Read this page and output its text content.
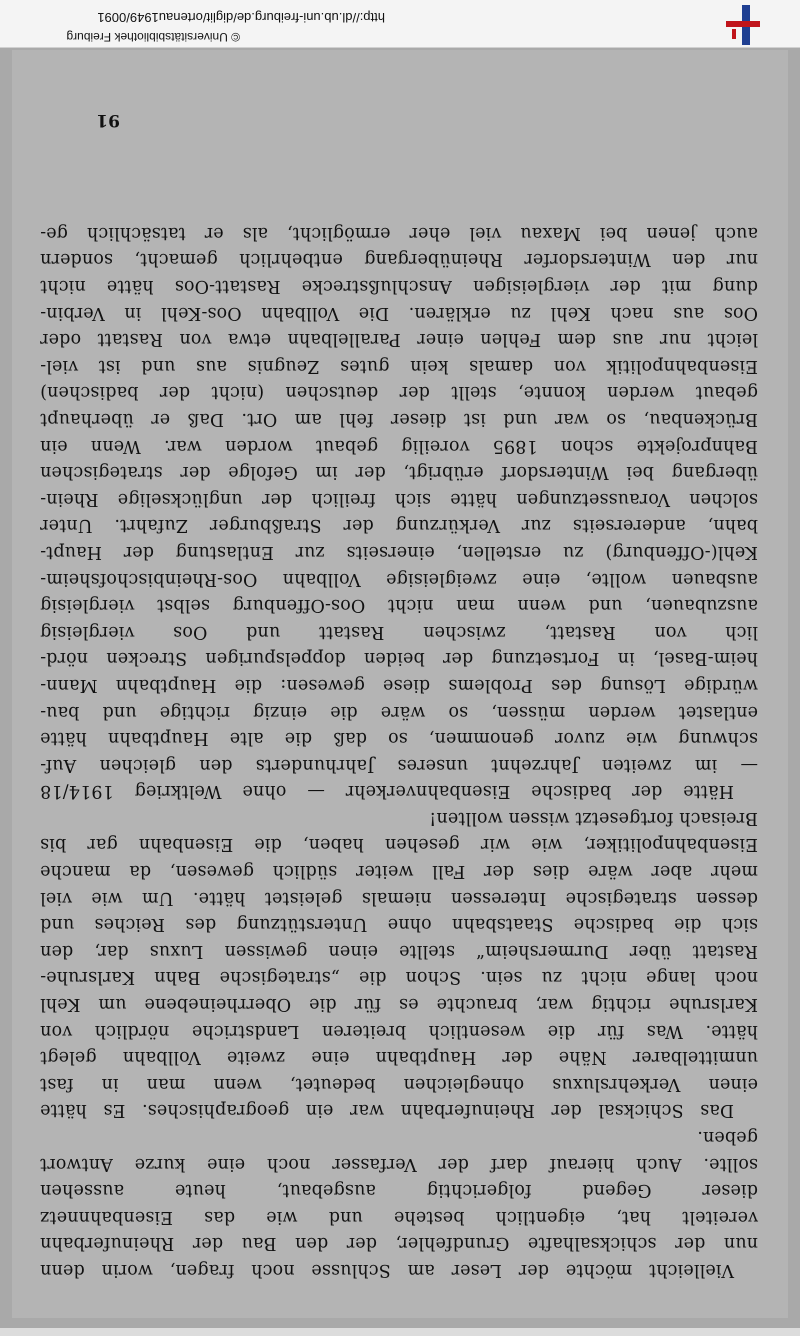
Vielleicht möchte der Leser am Schlusse noch fragen, worin denn
nun der schicksalhafte Grundfehler, der den Bau der Rheinuferbahn
vereitelt hat, eigentlich bestehe und wie das Eisenbahnnetz
dieser Gegend folgerichtig ausgebaut, heute aussehen
sollte. Auch hierauf darf der Verfasser noch eine kurze Antwort
geben.
Das Schicksal der Rheinuferbahn war ein geographisches. Es hätte
einen Verkehrsluxus ohnegleichen bedeutet, wenn man in fast
unmittelbarer Nähe der Hauptbahn eine zweite Vollbahn gelegt
hätte. Was für die wesentlich breiteren Landstriche nördlich von
Karlsruhe richtig war, brauchte es für die Oberrheinebene um Kehl
noch lange nicht zu sein. Schon die „strategische Bahn Karlsruhe-
Rastatt über Durmersheim“ stellte einen gewissen Luxus dar, den
sich die badische Staatsbahn ohne Unterstützung des Reiches und
dessen strategische Interessen niemals geleistet hätte. Um wie viel
mehr aber wäre dies der Fall weiter südlich gewesen, da manche
Eisenbahnpolitiker, wie wir gesehen haben, die Eisenbahn gar bis
Breisach fortgesetzt wissen wollten!
Hätte der badische Eisenbahnverkehr — ohne Weltkrieg 1914/18
— im zweiten Jahrzehnt unseres Jahrhunderts den gleichen Auf-
schwung wie zuvor genommen, so daß die alte Hauptbahn hätte
entlastet werden müssen, so wäre die einzig richtige und bau-
würdige Lösung des Problems diese gewesen: die Hauptbahn Mann-
heim-Basel, in Fortsetzung der beiden doppelspurigen Strecken nörd-
lich von Rastatt, zwischen Rastatt und Oos viergleisig
auszubauen, und wenn man nicht Oos-Offenburg selbst viergleisig
ausbauen wollte, eine zweigleisige Vollbahn Oos-Rheinbischofsheim-
Kehl(-Offenburg) zu erstellen, einerseits zur Entlastung der Haupt-
bahn, andererseits zur Verkürzung der Straßburger Zufahrt. Unter
solchen Voraussetzungen hätte sich freilich der unglückselige Rhein-
übergang bei Wintersdorf erübrigt, der im Gefolge der strategischen
Bahnprojekte schon 1895 voreilig gebaut worden war. Wenn ein
Brückenbau, so war und ist dieser fehl am Ort. Daß er überhaupt
gebaut werden konnte, stellt der deutschen (nicht der badischen)
Eisenbahnpolitik von damals kein gutes Zeugnis aus und ist viel-
leicht nur aus dem Fehlen einer Parallelbahn etwa von Rastatt oder
Oos aus nach Kehl zu erklären. Die Vollbahn Oos-Kehl in Verbin-
dung mit der viergleisigen Anschlußstrecke Rastatt-Oos hätte nicht
nur den Wintersdorfer Rheinübergang entbehrlich gemacht, sondern
auch jenen bei Maxau viel eher ermöglicht, als er tatsächlich ge-
91
© Universitätsbibliothek Freiburg
http://dl.ub.uni-freiburg.de/diglit/ortenau1949/0091
